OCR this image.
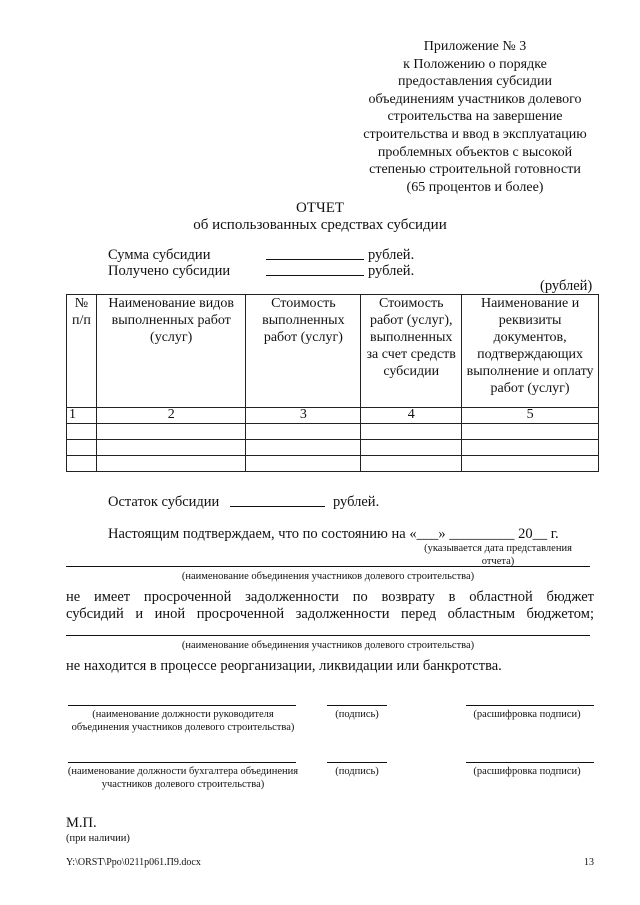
Приложение № 3
к Положению о порядке
предоставления субсидии
объединениям участников долевого
строительства на завершение
строительства и ввод в эксплуатацию
проблемных объектов с высокой
степенью строительной готовности
(65 процентов и более)
ОТЧЕТ
об использованных средствах субсидии
Сумма субсидии	рублей.
Получено субсидии	рублей.
(рублей)
№ п/п	Наименование видов выполненных работ (услуг)	Стоимость выполненных работ (услуг)	Стоимость работ (услуг), выполненных за счет средств субсидии	Наименование и реквизиты документов, подтверждающих выполнение и оплату работ (услуг)
1	2	3	4	5

Остаток субсидии	рублей.
Настоящим подтверждаем, что по состоянию на «___» _________ 20__ г.
(указывается дата представления отчета)
(наименование объединения участников долевого строительства)
не имеет просроченной задолженности по возврату в областной бюджет
субсидий и иной просроченной задолженности перед областным бюджетом;
(наименование объединения участников долевого строительства)
не находится в процессе реорганизации, ликвидации или банкротства.
(наименование должности руководителя объединения участников долевого строительства)
(подпись)	(расшифровка подписи)
(наименование должности бухгалтера объединения участников долевого строительства)
(подпись)	(расшифровка подписи)
М.П.
(при наличии)
Y:\ORST\Ppo\0211p061.П9.docx	13
